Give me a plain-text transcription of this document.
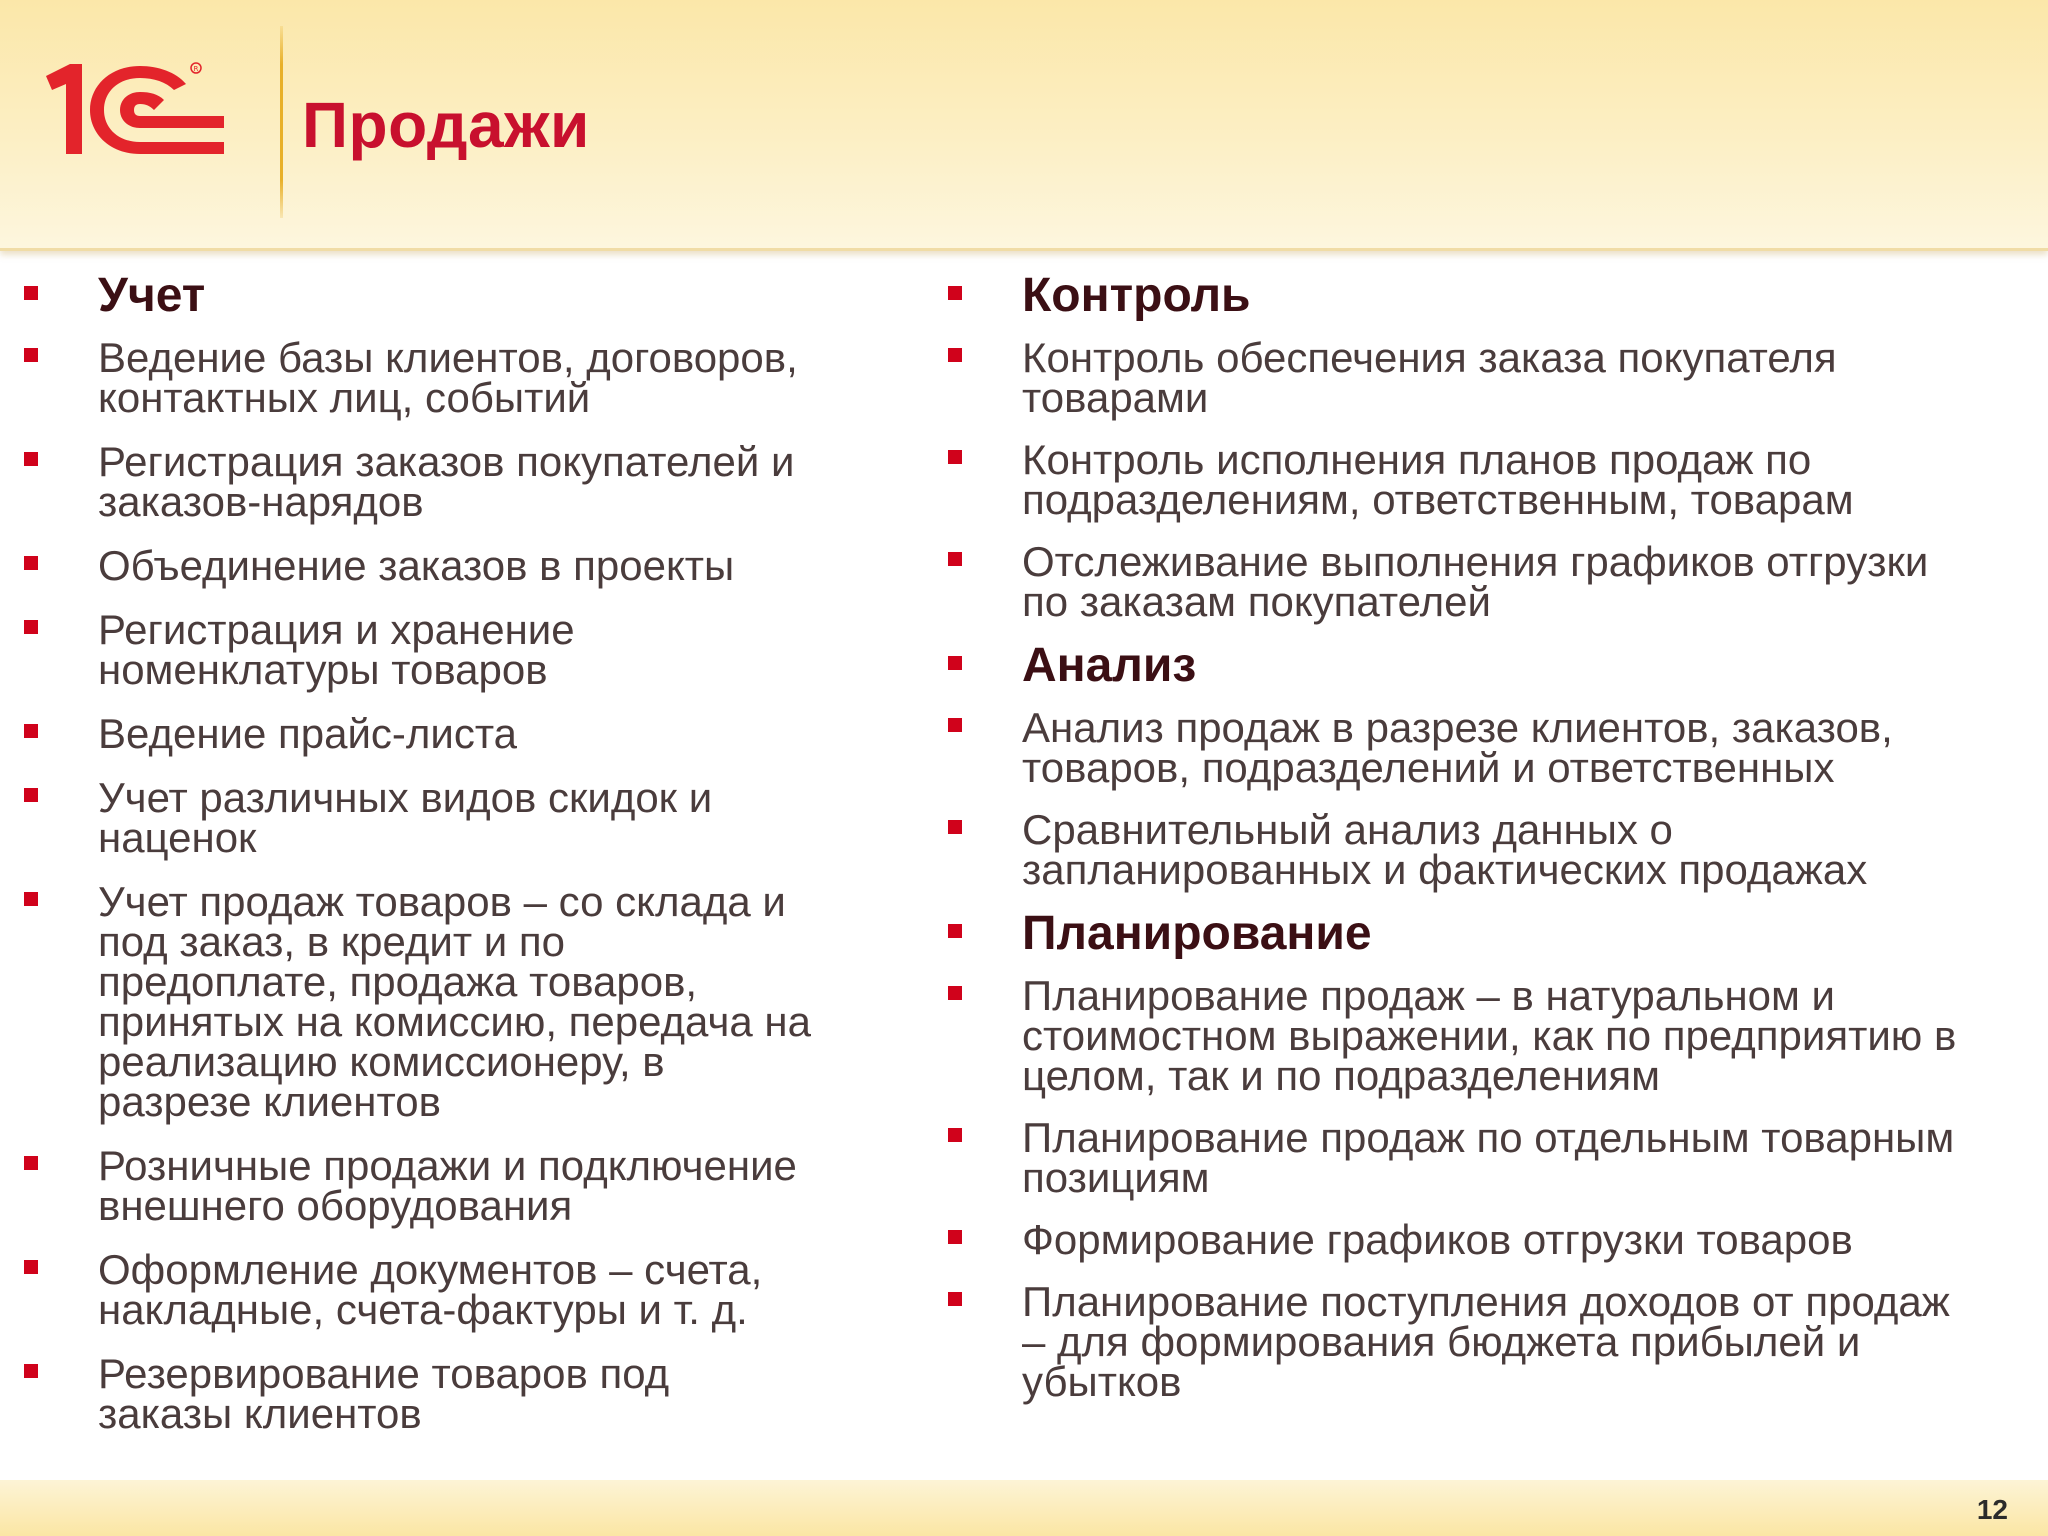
R
Продажи
Учет
Ведение базы клиентов, договоров,
контактных лиц, событий
Регистрация заказов покупателей и
заказов-нарядов
Объединение заказов в проекты
Регистрация и хранение
номенклатуры товаров
Ведение прайс-листа
Учет различных видов скидок и
наценок
Учет продаж товаров – со склада и
под заказ, в кредит и по
предоплате, продажа товаров,
принятых на комиссию, передача на
реализацию комиссионеру, в
разрезе клиентов
Розничные продажи и подключение
внешнего оборудования
Оформление документов – счета,
накладные, счета-фактуры и т. д.
Резервирование товаров под
заказы клиентов
Контроль
Контроль обеспечения заказа покупателя
товарами
Контроль исполнения планов продаж по
подразделениям, ответственным, товарам
Отслеживание выполнения графиков отгрузки
по заказам покупателей
Анализ
Анализ продаж в разрезе клиентов, заказов,
товаров, подразделений и ответственных
Сравнительный анализ данных о
запланированных и фактических продажах
Планирование
Планирование продаж – в натуральном и
стоимостном выражении, как по предприятию в
целом, так и по подразделениям
Планирование продаж по отдельным товарным
позициям
Формирование графиков отгрузки товаров
Планирование поступления доходов от продаж
– для формирования бюджета прибылей и
убытков
12
